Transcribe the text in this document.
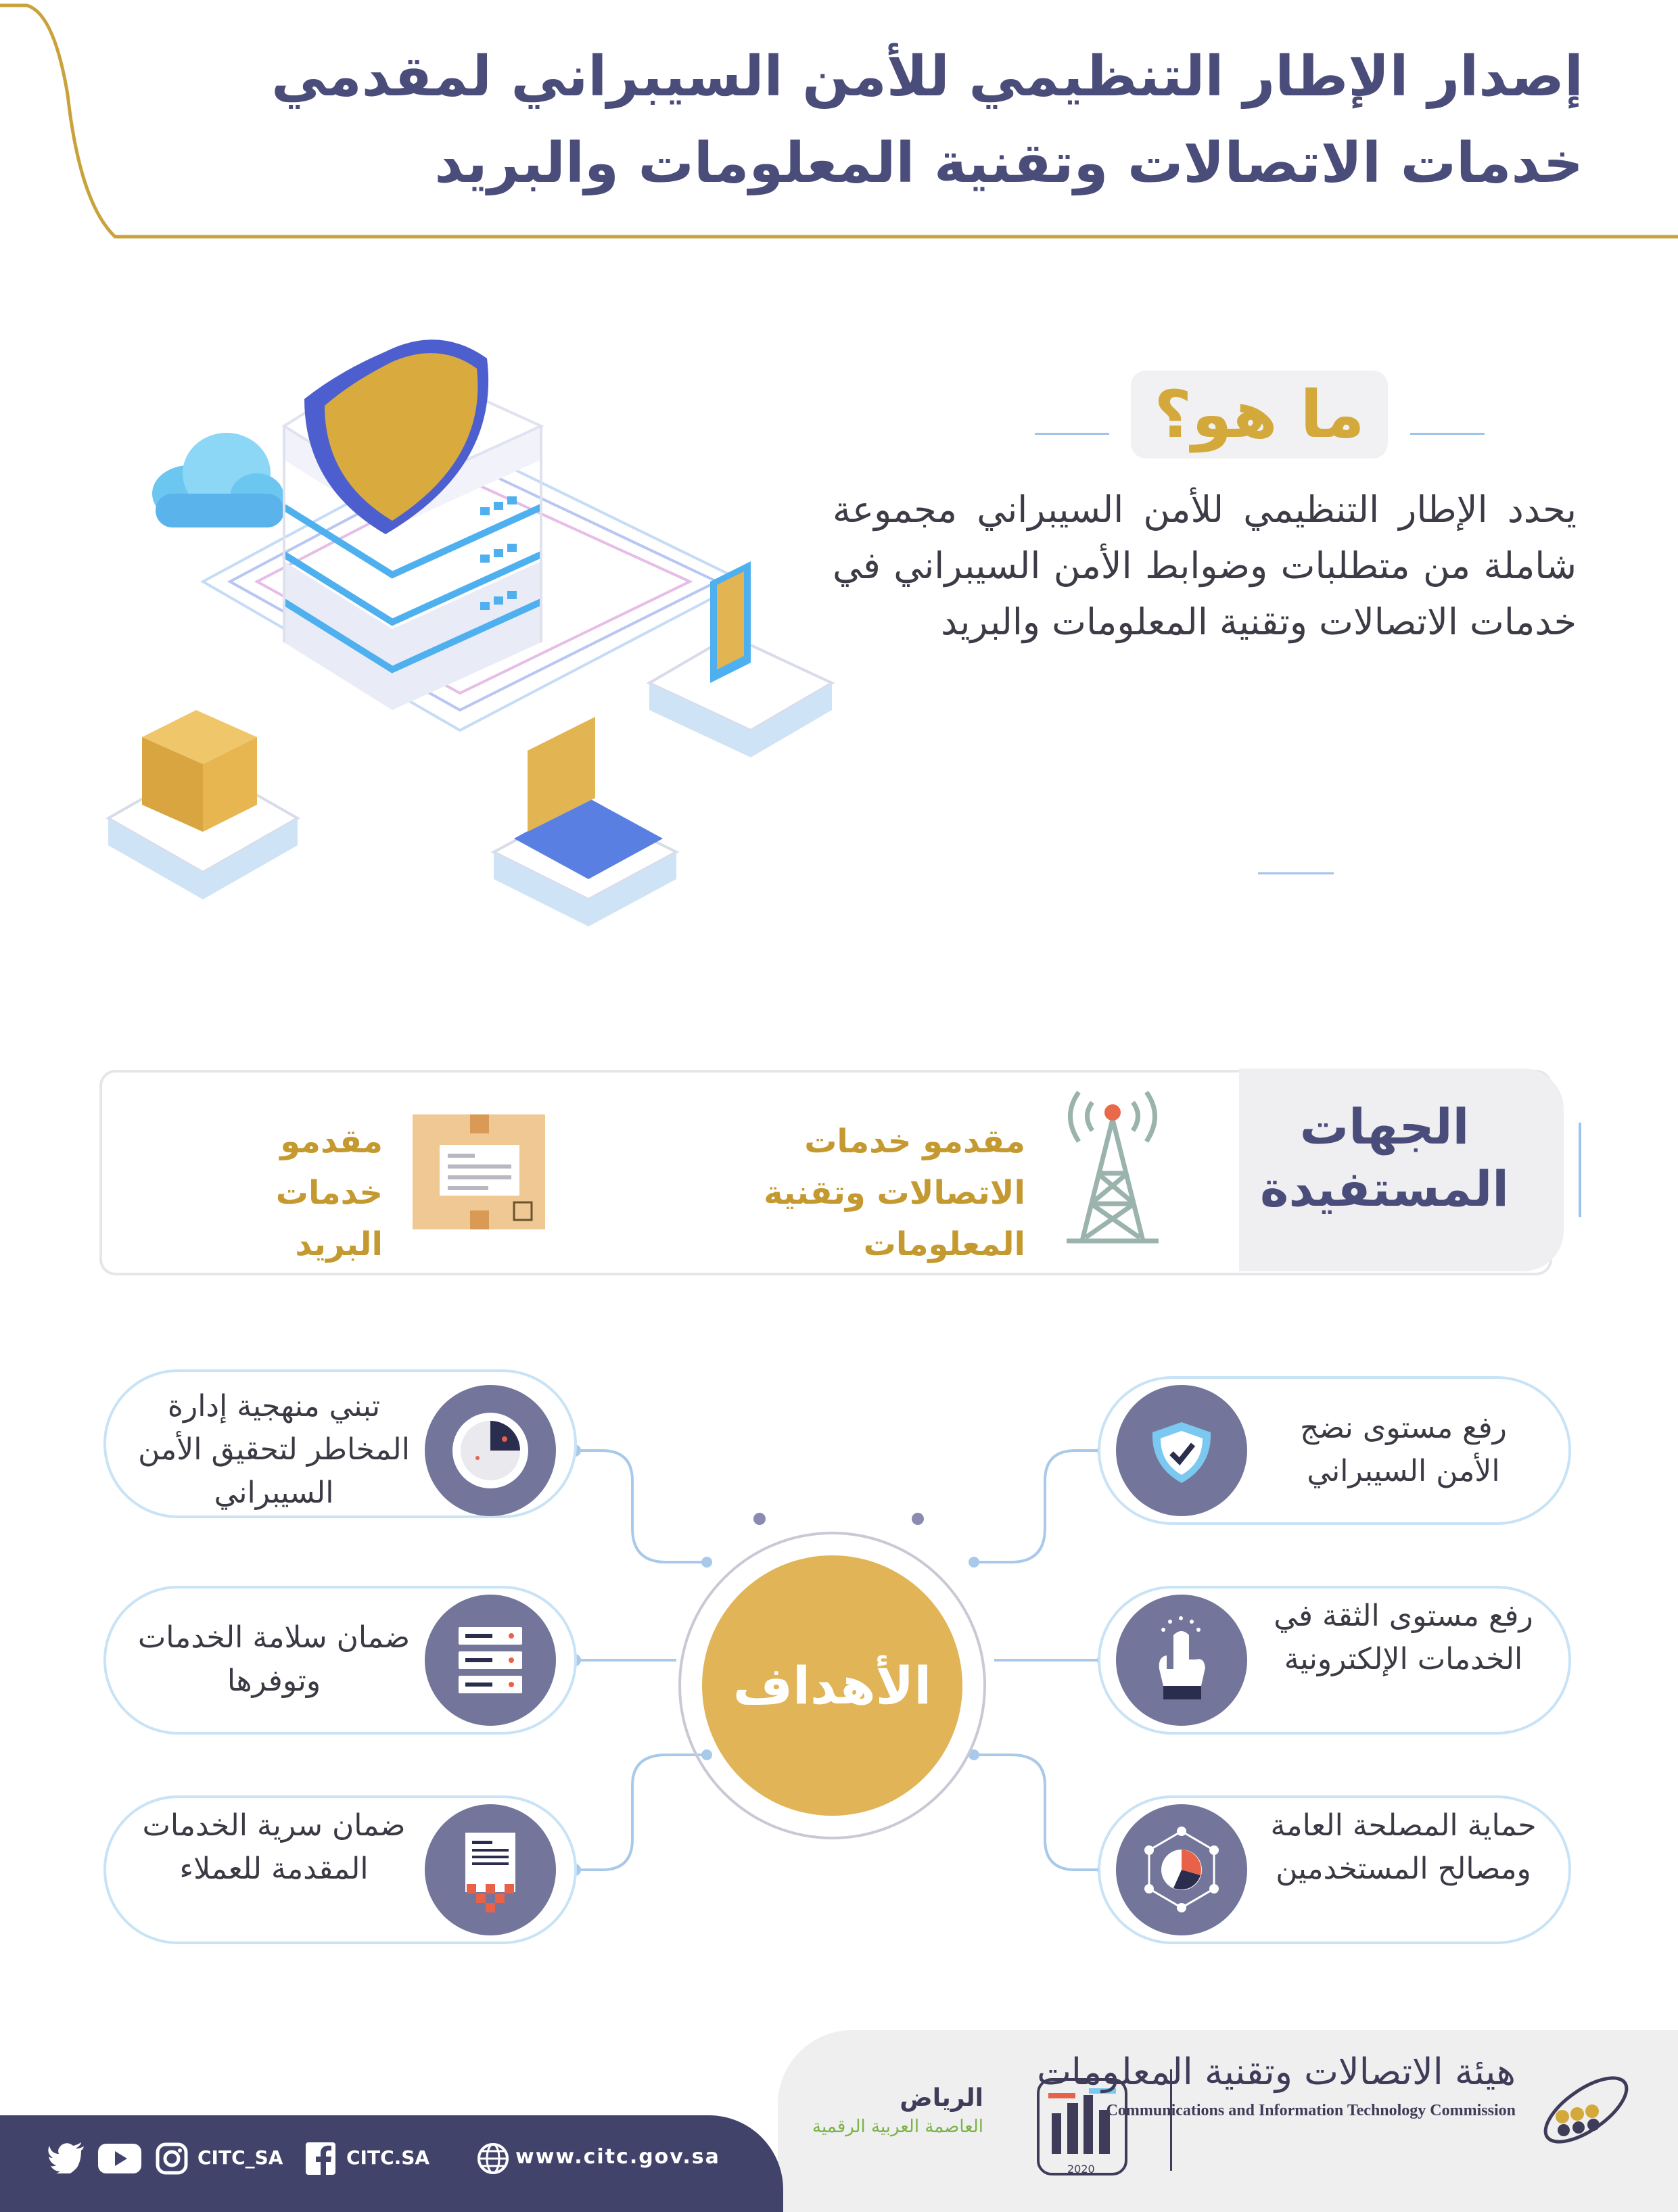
إصدار الإطار التنظيمي للأمن السيبراني لمقدمي خدمات الاتصالات وتقنية المعلومات والبريد
ما هو؟

يحدد الإطار التنظيمي للأمن السيبراني مجموعة شاملة من متطلبات وضوابط الأمن السيبراني في خدمات الاتصالات وتقنية المعلومات والبريد

الجهات المستفيدة
مقدمو خدمات الاتصالات وتقنية المعلومات
مقدمو خدمات البريد
الأهداف
رفع مستوى نضج الأمن السيبراني
رفع مستوى الثقة في الخدمات الإلكترونية
حماية المصلحة العامة ومصالح المستخدمين
تبني منهجية إدارة المخاطر لتحقيق الأمن السيبراني
ضمان سلامة الخدمات وتوفرها
ضمان سرية الخدمات المقدمة للعملاء
CITC_SA	CITC.SA	www.citc.gov.sa
الرياض
العاصمة العربية الرقمية
2020
هيئة الاتصالات وتقنية المعلومات
Communications and Information Technology Commission
